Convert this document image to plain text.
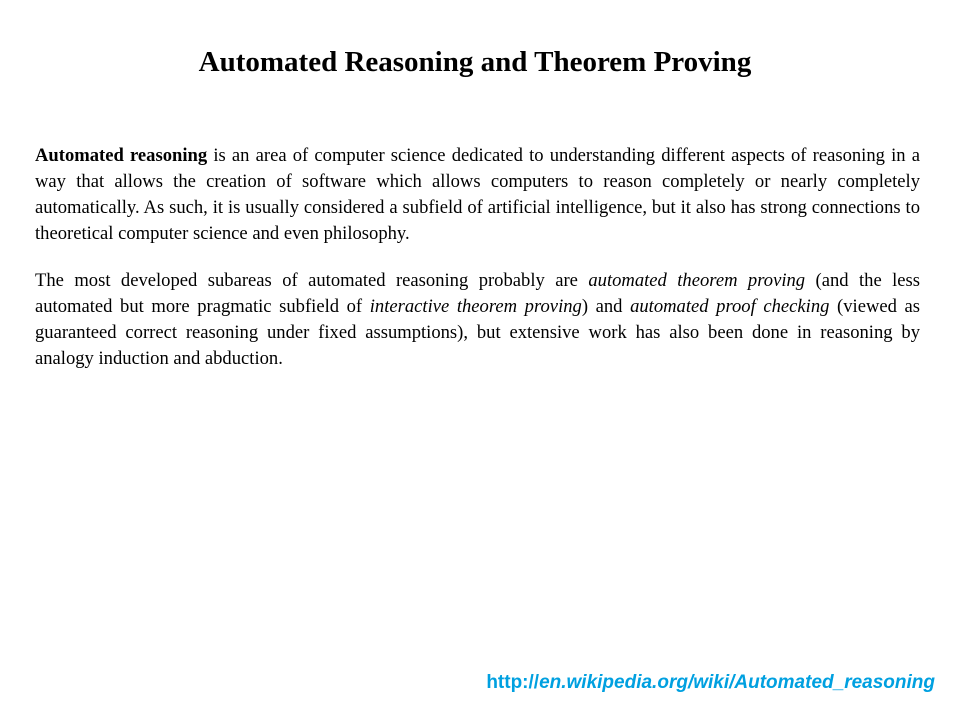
Automated Reasoning and Theorem Proving

Automated reasoning is an area of computer science dedicated to understanding different aspects of reasoning in a way that allows the creation of software which allows computers to reason completely or nearly completely automatically. As such, it is usually considered a subfield of artificial intelligence, but it also has strong connections to theoretical computer science and even philosophy.

The most developed subareas of automated reasoning probably are automated theorem proving (and the less automated but more pragmatic subfield of interactive theorem proving) and automated proof checking (viewed as guaranteed correct reasoning under fixed assumptions), but extensive work has also been done in reasoning by analogy induction and abduction.

http://en.wikipedia.org/wiki/Automated_reasoning
